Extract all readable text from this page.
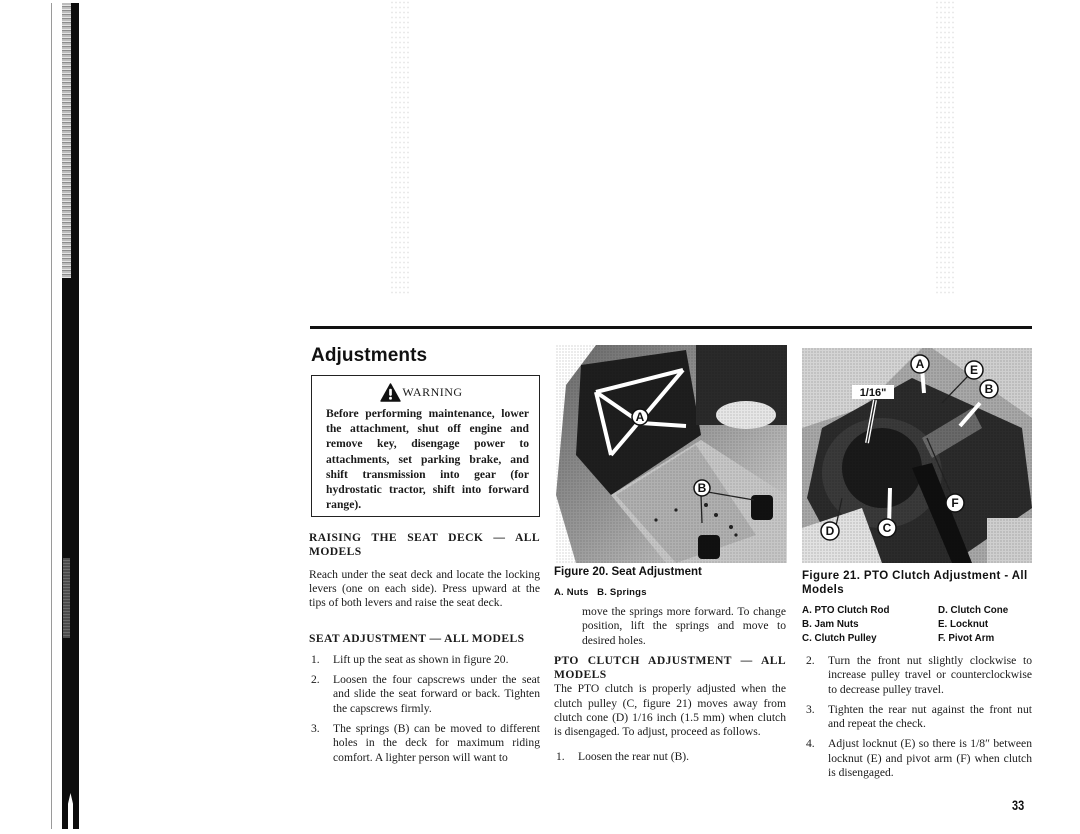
Adjustments
WARNING

Before performing maintenance, lower the attachment, shut off engine and remove key, disengage power to attachments, set parking brake, and shift transmission into gear (for hydrostatic tractor, shift into forward range).

RAISING THE SEAT DECK — ALL MODELS

Reach under the seat deck and locate the locking levers (one on each side). Press upward at the tips of both levers and raise the seat deck.

SEAT ADJUSTMENT — ALL MODELS
1.	Lift up the seat as shown in figure 20.
2.	Loosen the four capscrews under the seat and slide the seat forward or back. Tighten the capscrews firmly.
3.	The springs (B) can be moved to different holes in the deck for maximum riding comfort. A lighter person will want to
A
B
Figure 20. Seat Adjustment
A. Nuts   B. Springs

move the springs more forward. To change position, lift the springs and move to desired holes.

PTO CLUTCH ADJUSTMENT — ALL MODELS

The PTO clutch is properly adjusted when the clutch pulley (C, figure 21) moves away from clutch cone (D) 1/16 inch (1.5 mm) when clutch is disengaged. To adjust, proceed as follows.

1.	Loosen the rear nut (B).
1/16"
A
B
C
D
E
F
Figure 21. PTO Clutch Adjustment - All Models
A. PTO Clutch Rod	D. Clutch Cone
B. Jam Nuts	E. Locknut
C. Clutch Pulley	F. Pivot Arm
2.	Turn the front nut slightly clockwise to increase pulley travel or counterclockwise to decrease pulley travel.
3.	Tighten the rear nut against the front nut and repeat the check.
4.	Adjust locknut (E) so there is 1/8″ between locknut (E) and pivot arm (F) when clutch is disengaged.
33
